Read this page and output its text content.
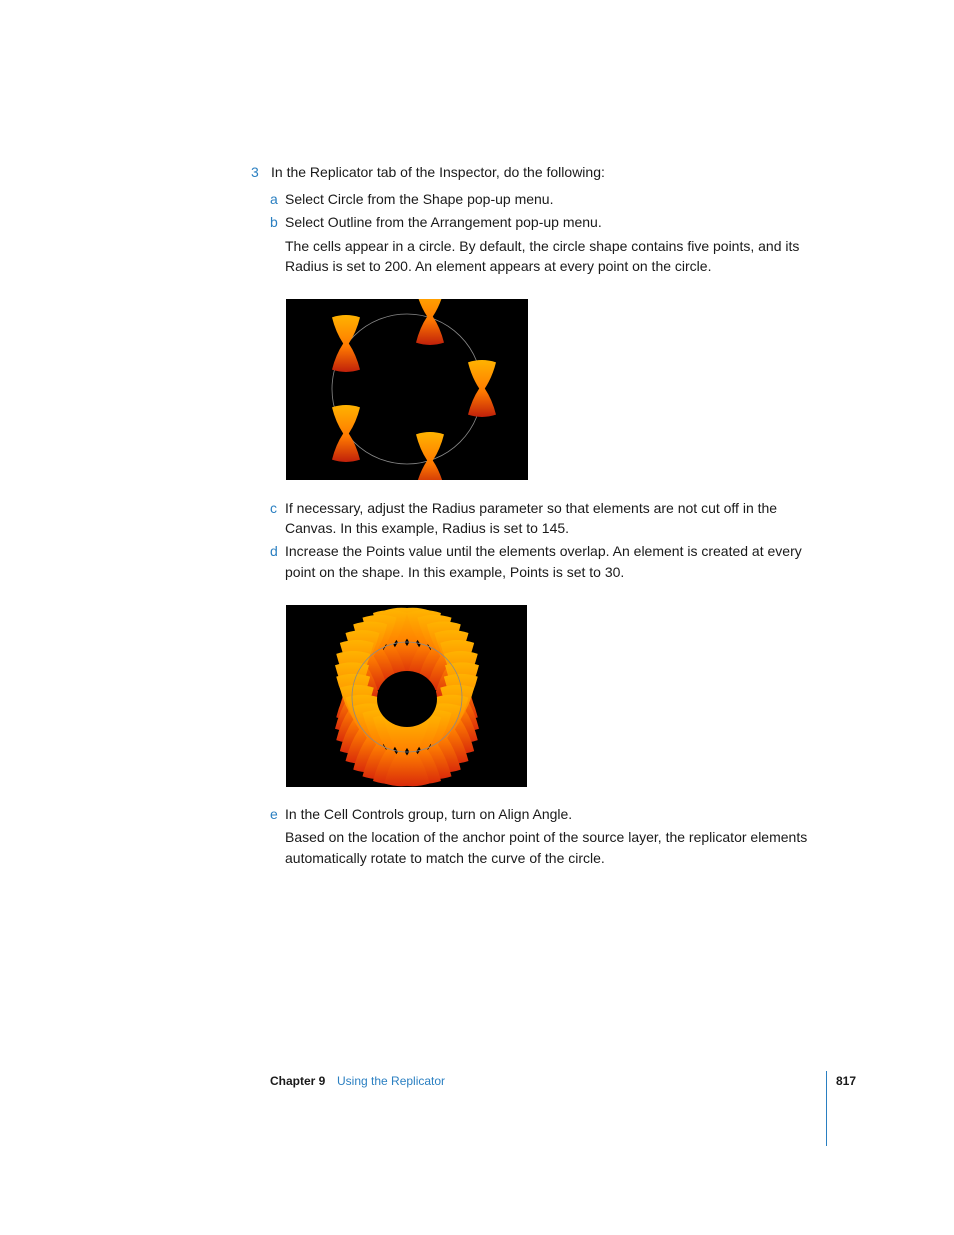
3 In the Replicator tab of the Inspector, do the following:
a Select Circle from the Shape pop-up menu.
b Select Outline from the Arrangement pop-up menu.
The cells appear in a circle. By default, the circle shape contains five points, and its
Radius is set to 200. An element appears at every point on the circle.
c If necessary, adjust the Radius parameter so that elements are not cut off in the
Canvas. In this example, Radius is set to 145.
d Increase the Points value until the elements overlap. An element is created at every
point on the shape. In this example, Points is set to 30.
e In the Cell Controls group, turn on Align Angle.
Based on the location of the anchor point of the source layer, the replicator elements
automatically rotate to match the curve of the circle.
Chapter 9 Using the Replicator	817
